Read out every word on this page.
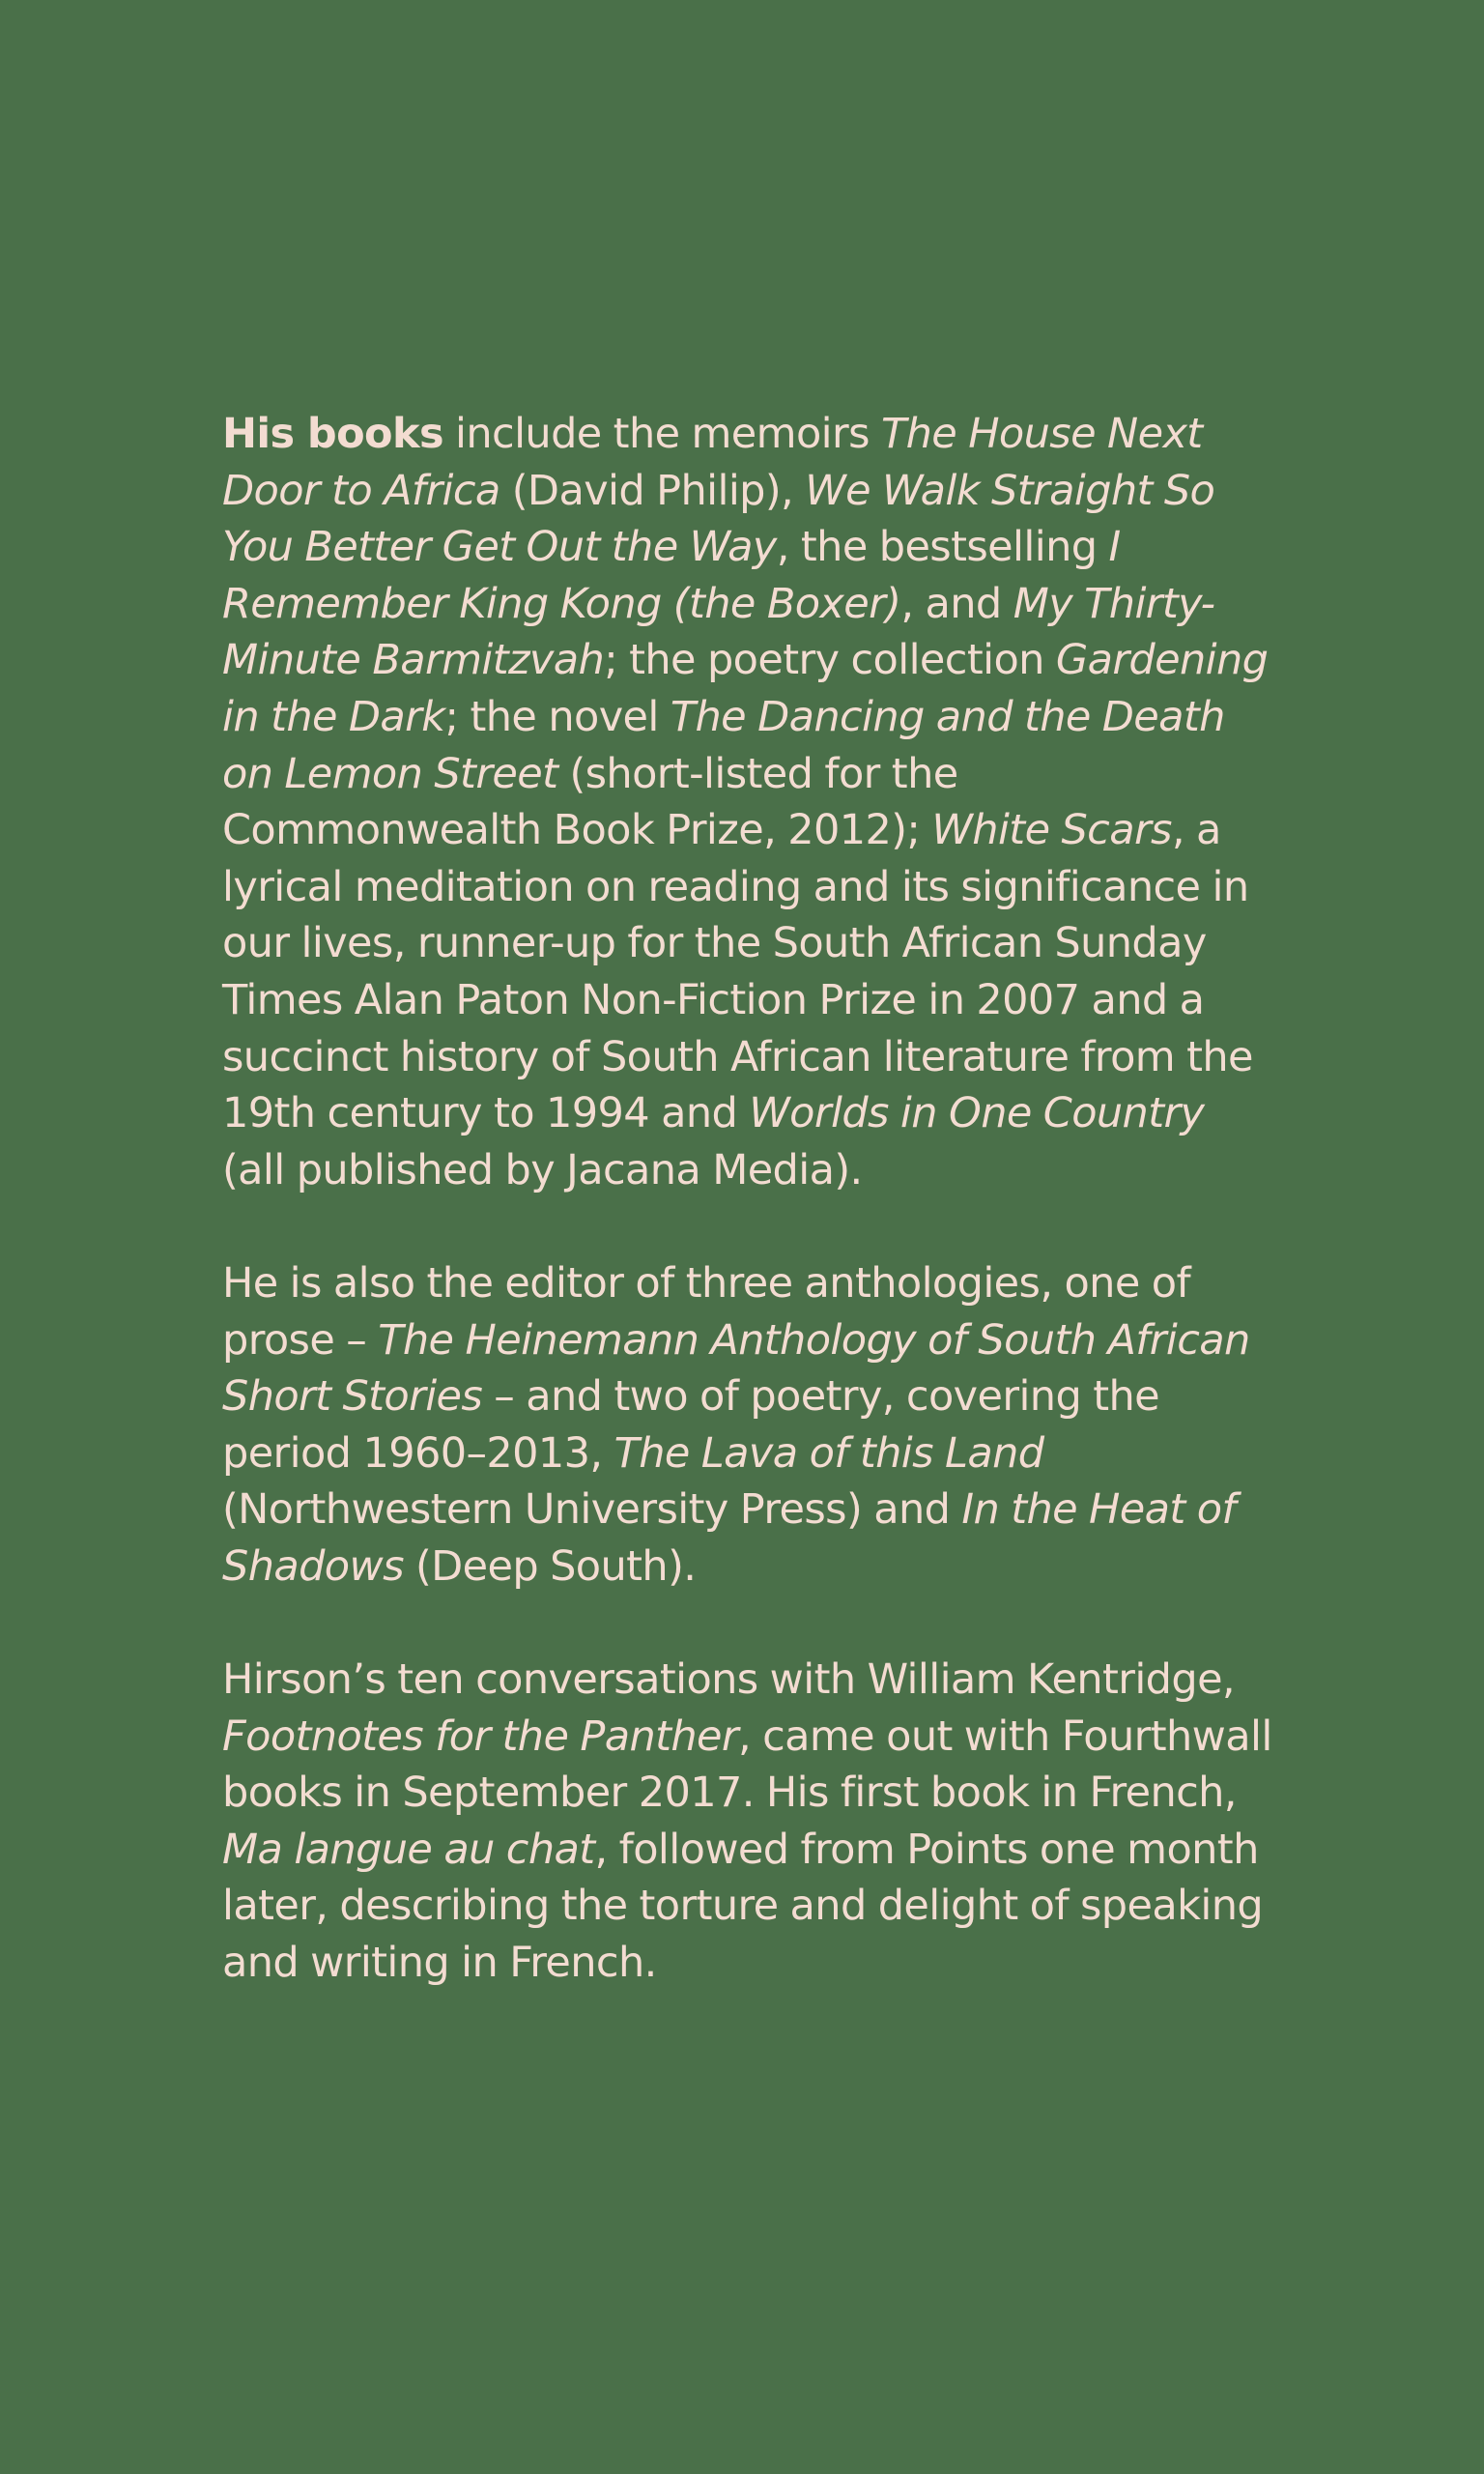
His books include the memoirs The House Next Door to Africa (David Philip), We Walk Straight So You Better Get Out the Way, the bestselling I Remember King Kong (the Boxer), and My Thirty-Minute Barmitzvah; the poetry collection Gardening in the Dark; the novel The Dancing and the Death on Lemon Street (short-listed for the Commonwealth Book Prize, 2012); White Scars, a lyrical meditation on reading and its significance in our lives, runner-up for the South African Sunday Times Alan Paton Non-Fiction Prize in 2007 and a succinct history of South African literature from the 19th century to 1994 and Worlds in One Country (all published by Jacana Media).

He is also the editor of three anthologies, one of prose – The Heinemann Anthology of South African Short Stories – and two of poetry, covering the period 1960–2013, The Lava of this Land (Northwestern University Press) and In the Heat of Shadows (Deep South).

Hirson’s ten conversations with William Kentridge, Footnotes for the Panther, came out with Fourthwall books in September 2017. His first book in French, Ma langue au chat, followed from Points one month later, describing the torture and delight of speaking and writing in French.
